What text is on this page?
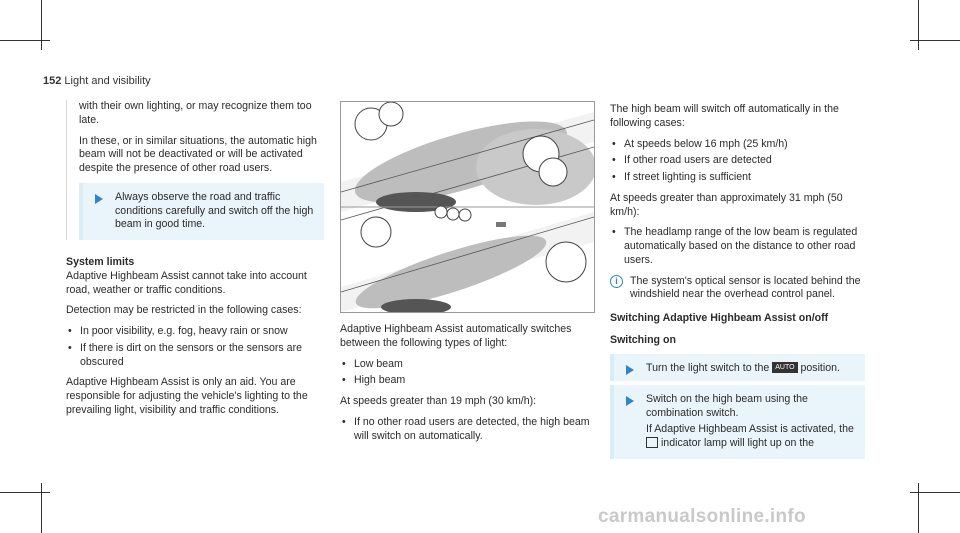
152 Light and visibility

with their own lighting, or may recognize them too late.

In these, or in similar situations, the automatic high beam will not be deactivated or will be activated despite the presence of other road users.

Always observe the road and traffic conditions carefully and switch off the high beam in good time.

System limits

Adaptive Highbeam Assist cannot take into account road, weather or traffic conditions.

Detection may be restricted in the following cases:

• In poor visibility, e.g. fog, heavy rain or snow
• If there is dirt on the sensors or the sensors are obscured

Adaptive Highbeam Assist is only an aid. You are responsible for adjusting the vehicle's lighting to the prevailing light, visibility and traffic conditions.

Adaptive Highbeam Assist automatically switches between the following types of light:

• Low beam
• High beam

At speeds greater than 19 mph (30 km/h):

• If no other road users are detected, the high beam will switch on automatically.

The high beam will switch off automatically in the following cases:

• At speeds below 16 mph (25 km/h)
• If other road users are detected
• If street lighting is sufficient

At speeds greater than approximately 31 mph (50 km/h):

• The headlamp range of the low beam is regulated automatically based on the distance to other road users.
i	The system's optical sensor is located behind the windshield near the overhead control panel.

Switching Adaptive Highbeam Assist on/off

Switching on

Turn the light switch to the AUTO position.
Switch on the high beam using the combination switch.
If Adaptive Highbeam Assist is activated, the  indicator lamp will light up on the
carmanualsonline.info
